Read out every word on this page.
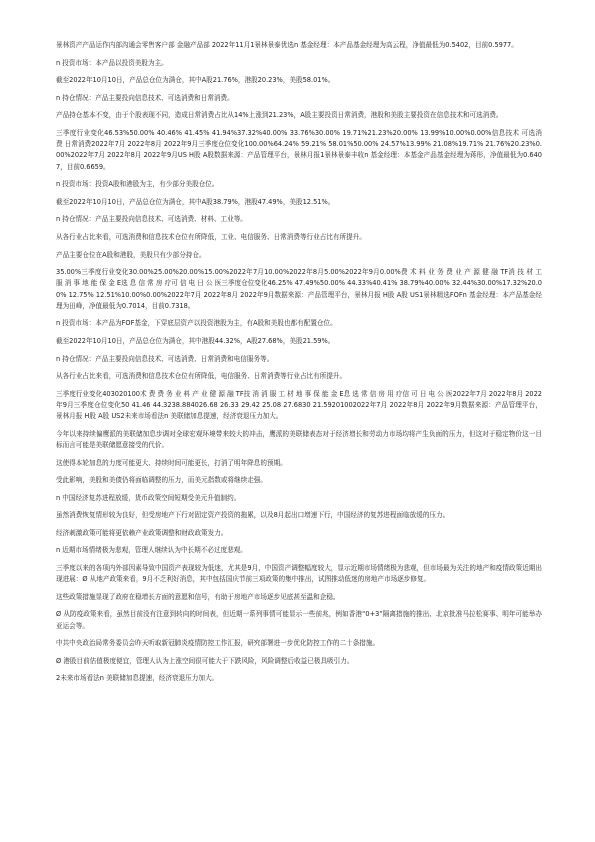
景林资产产品运作内部沟通会零售客户部 金融产品部 2022年11月1景林景泰优选n 基金经理：本产品基金经理为高云程，净值最低为0.5402，目前0.5977。

n 投资市场：本产品以投资美股为主。

截至2022年10月10日，产品总仓位为满仓，其中A股21.76%，港股20.23%，美股58.01%。

n 持仓情况：产品主要投向信息技术、可选消费和日常消费。

产品持仓基本不变，由于个股表现不同，造成日常消费占比从14%上涨到21.23%，A股主要投资日常消费，港股和美股主要投资在信息技术和可选消费。

三季度行业变化46.53%50.00% 40.46% 41.45% 41.94%37.32%40.00% 33.76%30.00% 19.71%21.23%20.00% 13.99%10.00%0.00%信息技术 可选消费 日常消费2022年7月 2022年8月 2022年9月三季度仓位变化100.00%64.24% 59.21% 58.01%50.00% 24.57%13.99% 21.08%19.71% 21.76%20.23%0.00%2022年7月 2022年8月 2022年9月US H股 A股数据来源：产品管理平台，景林月报1景林景泰丰收n 基金经理：本基金产品基金经理为蒋彤，净值最低为0.6407，目前0.6659。

n 投资市场：投资A股和港股为主，有少部分美股仓位。

截至2022年10月10日，产品总仓位为满仓，其中A股38.79%，港股47.49%，美股12.51%。

n 持仓情况：产品主要投向信息技术、可选消费、材料、工业等。

从各行业占比来看，可选消费和信息技术仓位有所降低，工业、电信服务、日常消费等行业占比有所提升。

产品主要仓位在A股和港股，美股只有少部分持仓。

35.00%三季度行业变化30.00%25.00%20.00%15.00%2022年7月10.00%2022年8月5.00%2022年9月0.00%费 术 料 业 务 费 业 产 源 健 融 TF消 技 材 工 服 消 事 地 能 保 金 E选 息 信 常 房 疗可 信 电 日 公 医三季度仓位变化46.25% 47.49%50.00% 44.33%40.41% 38.79%40.00% 32.44%30.00%17.32%20.00% 12.75% 12.51%10.00%0.00%2022年7月 2022年8月 2022年9月数据来源：产品管理平台，景林月报 H股 A股 US1景林精选FOFn 基金经理：本产品基金经理为田峰，净值最低为0.7014，目前0.7318。

n 投资市场：本产品为FOF基金，下穿底层资产以投资港股为主，有A股和美股也都有配置仓位。

截至2022年10月10日，产品总仓位为满仓，其中港股44.32%，A股27.68%，美股21.59%。

n 持仓情况：产品主要投向信息技术、可选消费、日常消费和电信服务等。

从各行业占比来看，可选消费和信息技术仓位有所降低，电信服务、日常消费等行业占比有所提升。

三季度行业变化403020100术 费 费 务 业 料 产 业 健 源 融 TF技 消 消 服 工 材 地 事 保 能 金 E息 选 常 信 房 用 疗信 可 日 电 公 医2022年7月 2022年8月 2022年9月三季度仓位变化50 41.46 44.3238.884026.68 26.33 29.42 25.08 27.6830 21.59201002022年7月 2022年8月 2022年9月数据来源：产品管理平台，景林月报 H股 A股 US2未来市场看法n 美联储加息提速，经济衰退压力加大。

今年以来持续偏鹰派的美联储加息步调对全球宏观环境带来较大的冲击，鹰派的美联储表态对于经济增长和劳动力市场均将产生负面的压力，但这对于稳定物价这一目标而言可能是美联储愿意接受的代价。

这使得本轮加息的力度可能更大、持续时间可能更长，打消了明年降息的预期。

受此影响，美股和美债仍将面临调整的压力，而美元指数或将继续走强。

n 中国经济复苏进程放缓，货币政策空间短期受美元升值制约。

虽然消费恢复情形较为良好，但受房地产下行对固定资产投资的拖累，以及8月起出口增速下行，中国经济的复苏进程面临放缓的压力。

经济刺激政策可能将更依赖产业政策调整和财政政策发力。

n 近期市场情绪极为悲观，管理人继续认为中长期不必过度悲观。

三季度以来的各项内外部因素导致中国资产表现较为低迷，尤其是9月，中国资产调整幅度较大，显示近期市场情绪极为悲观，但市场最为关注的地产和疫情政策近期出现进展：Ø 从地产政策来看，9月不乏利好消息，其中包括国庆节前三项政策的集中推出，试图推动低迷的房地产市场逐步修复。

这些政策措施显现了政府在稳增长方面的意愿和信号，有助于房地产市场逐步见底甚至温和企稳。

Ø 从防疫政策来看，虽然目前没有注意到转向的时间表，但近期一系列事情可能显示一些前兆，例如香港“0+3”隔离措施的推出、北京批准马拉松赛事、明年可能举办亚运会等。

中共中央政治局常务委员会昨天听取新冠肺炎疫情防控工作汇报，研究部署进一步优化防控工作的二十条措施。

Ø 港股目前估值极度便宜，管理人认为上涨空间很可能大于下跌风险，风险调整后收益已极具吸引力。

2未来市场看法n 美联储加息提速，经济衰退压力加大。
